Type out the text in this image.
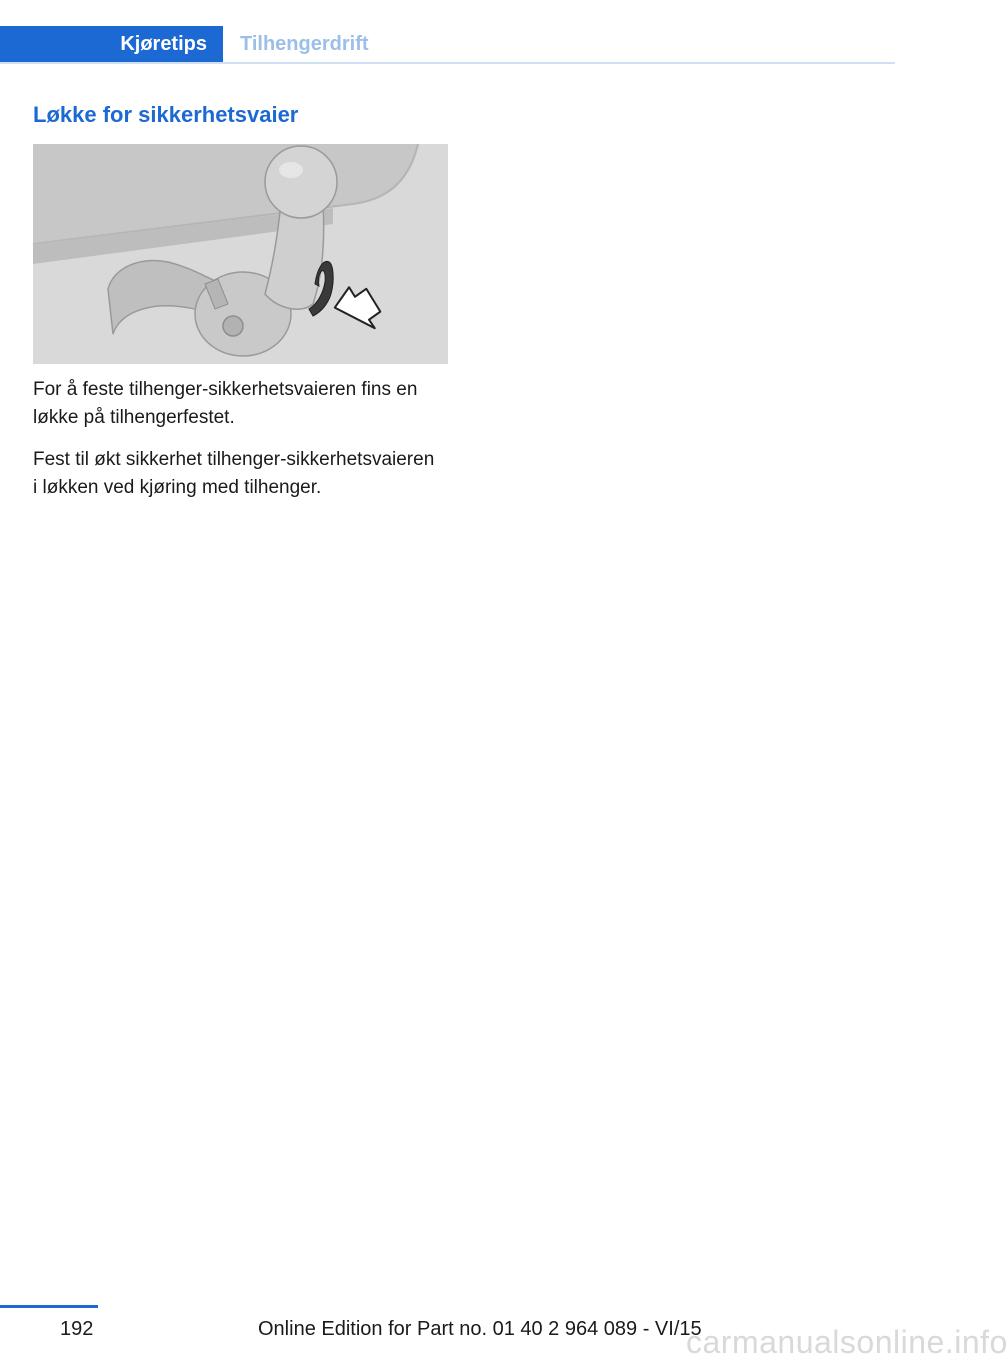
Kjøretips	Tilhengerdrift
Løkke for sikkerhetsvaier
For å feste tilhenger-sikkerhetsvaieren fins en løkke på tilhengerfestet.
Fest til økt sikkerhet tilhenger-sikkerhetsvaieren i løkken ved kjøring med tilhenger.
192	Online Edition for Part no. 01 40 2 964 089 - VI/15
carmanualsonline.info
